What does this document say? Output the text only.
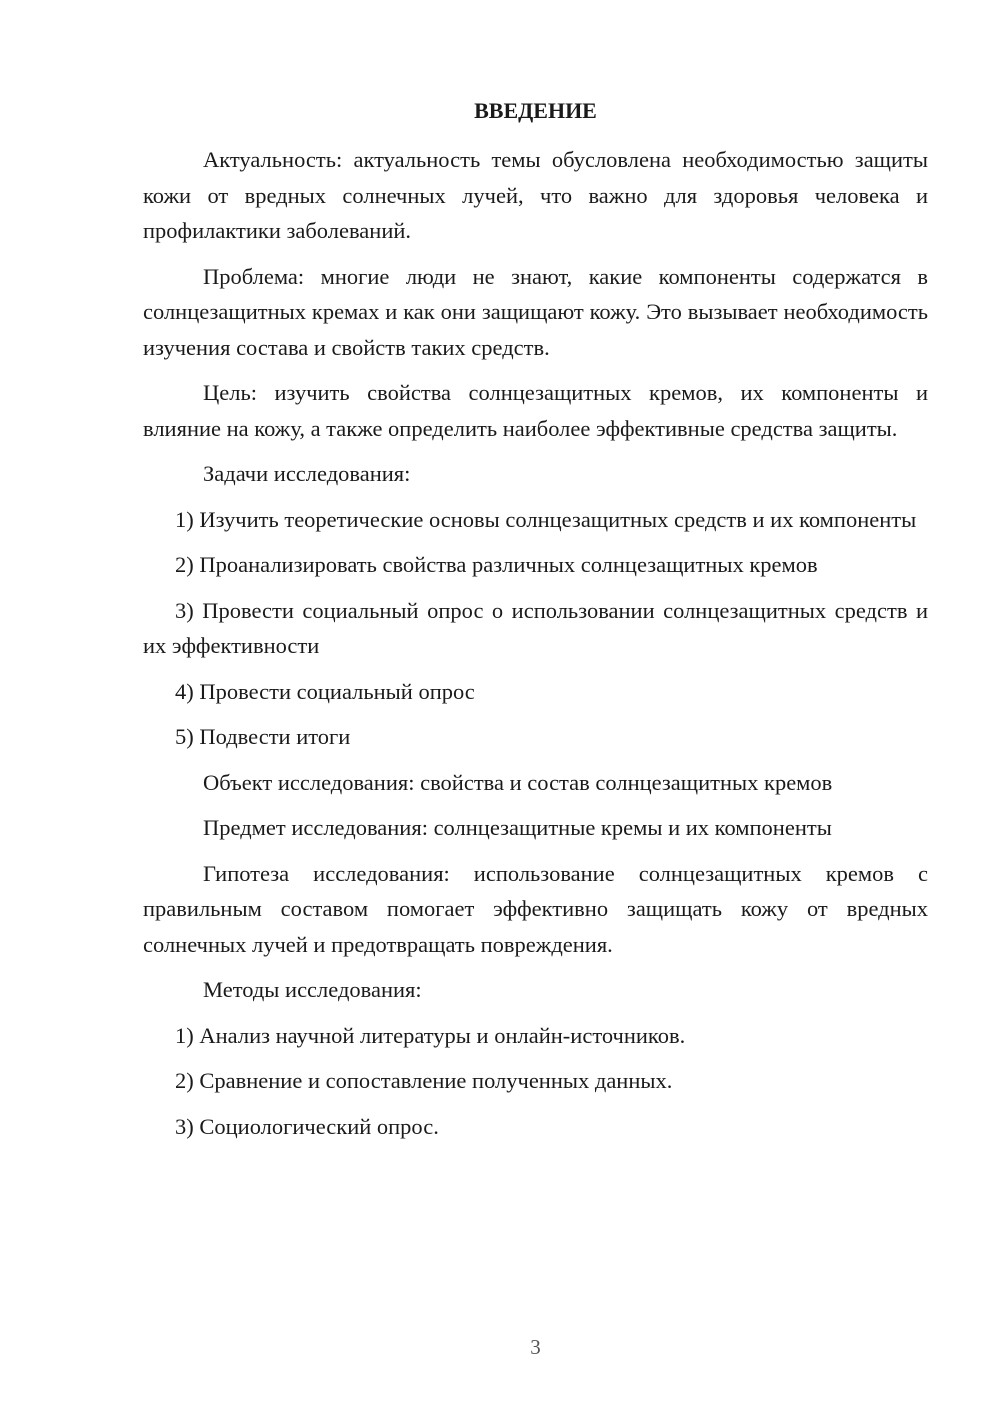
ВВЕДЕНИЕ

Актуальность: актуальность темы обусловлена необходимостью защиты кожи от вредных солнечных лучей, что важно для здоровья человека и профилактики заболеваний.

Проблема: многие люди не знают, какие компоненты содержатся в солнцезащитных кремах и как они защищают кожу. Это вызывает необходимость изучения состава и свойств таких средств.

Цель: изучить свойства солнцезащитных кремов, их компоненты и влияние на кожу, а также определить наиболее эффективные средства защиты.

Задачи исследования:

1) Изучить теоретические основы солнцезащитных средств и их компоненты

2) Проанализировать свойства различных солнцезащитных кремов

3) Провести социальный опрос о использовании солнцезащитных средств и их эффективности

4) Провести социальный опрос

5) Подвести итоги

Объект исследования: свойства и состав солнцезащитных кремов

Предмет исследования: солнцезащитные кремы и их компоненты

Гипотеза исследования: использование солнцезащитных кремов с правильным составом помогает эффективно защищать кожу от вредных солнечных лучей и предотвращать повреждения.

Методы исследования:

1) Анализ научной литературы и онлайн-источников.

2) Сравнение и сопоставление полученных данных.

3) Социологический опрос.

3
